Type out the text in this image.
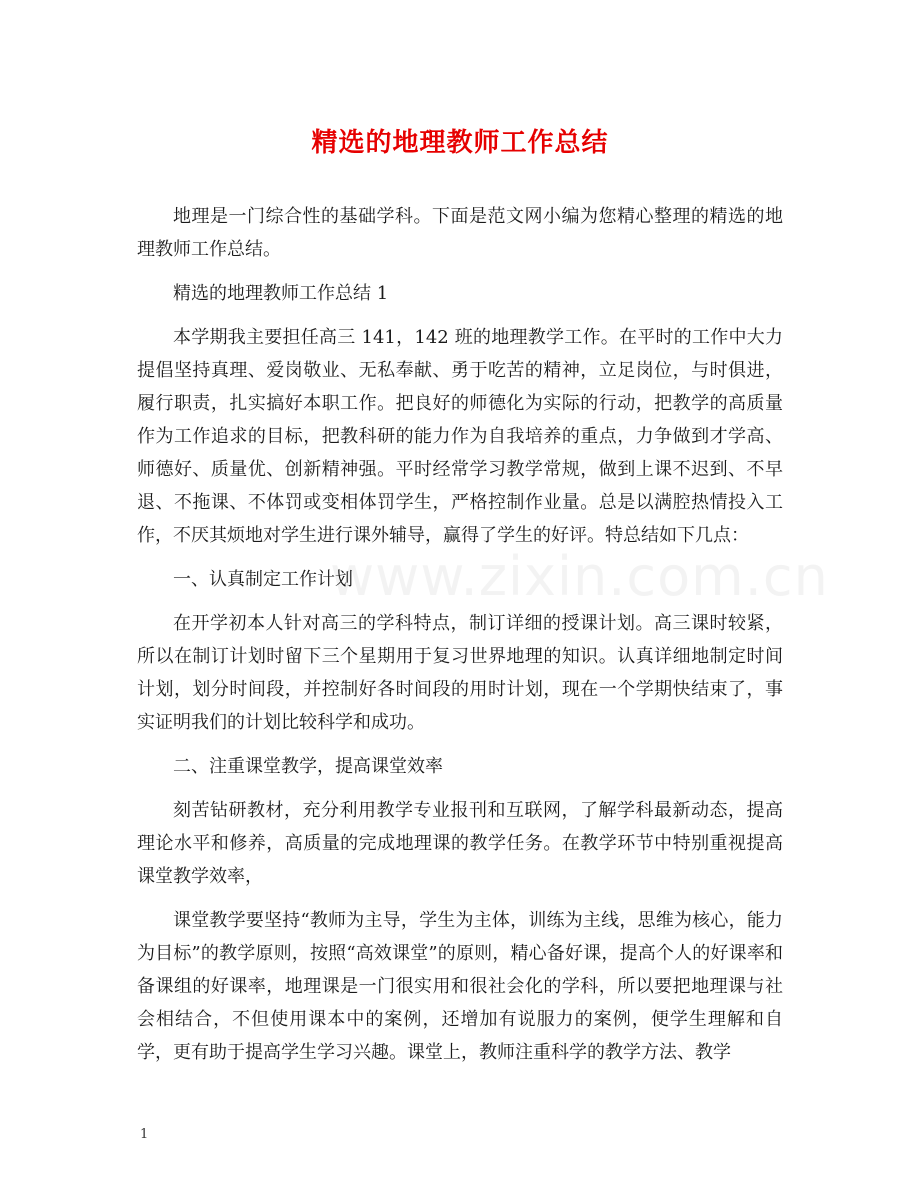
www.zixin.com.cn
精选的地理教师工作总结

地理是一门综合性的基础学科。下面是范文网小编为您精心整理的精选的地理教师工作总结。

精选的地理教师工作总结 1

本学期我主要担任高三 141，142 班的地理教学工作。在平时的工作中大力提倡坚持真理、爱岗敬业、无私奉献、勇于吃苦的精神，立足岗位，与时俱进，履行职责，扎实搞好本职工作。把良好的师德化为实际的行动，把教学的高质量作为工作追求的目标，把教科研的能力作为自我培养的重点，力争做到才学高、师德好、质量优、创新精神强。平时经常学习教学常规，做到上课不迟到、不早退、不拖课、不体罚或变相体罚学生，严格控制作业量。总是以满腔热情投入工作，不厌其烦地对学生进行课外辅导，赢得了学生的好评。特总结如下几点：

一、认真制定工作计划

在开学初本人针对高三的学科特点，制订详细的授课计划。高三课时较紧，所以在制订计划时留下三个星期用于复习世界地理的知识。认真详细地制定时间计划，划分时间段，并控制好各时间段的用时计划，现在一个学期快结束了，事实证明我们的计划比较科学和成功。

二、注重课堂教学，提高课堂效率

刻苦钻研教材，充分利用教学专业报刊和互联网，了解学科最新动态，提高理论水平和修养，高质量的完成地理课的教学任务。在教学环节中特别重视提高课堂教学效率，

课堂教学要坚持“教师为主导，学生为主体，训练为主线，思维为核心，能力为目标”的教学原则，按照“高效课堂”的原则，精心备好课，提高个人的好课率和备课组的好课率，地理课是一门很实用和很社会化的学科，所以要把地理课与社会相结合，不但使用课本中的案例，还增加有说服力的案例，便学生理解和自学，更有助于提高学生学习兴趣。课堂上，教师注重科学的教学方法、教学

1
